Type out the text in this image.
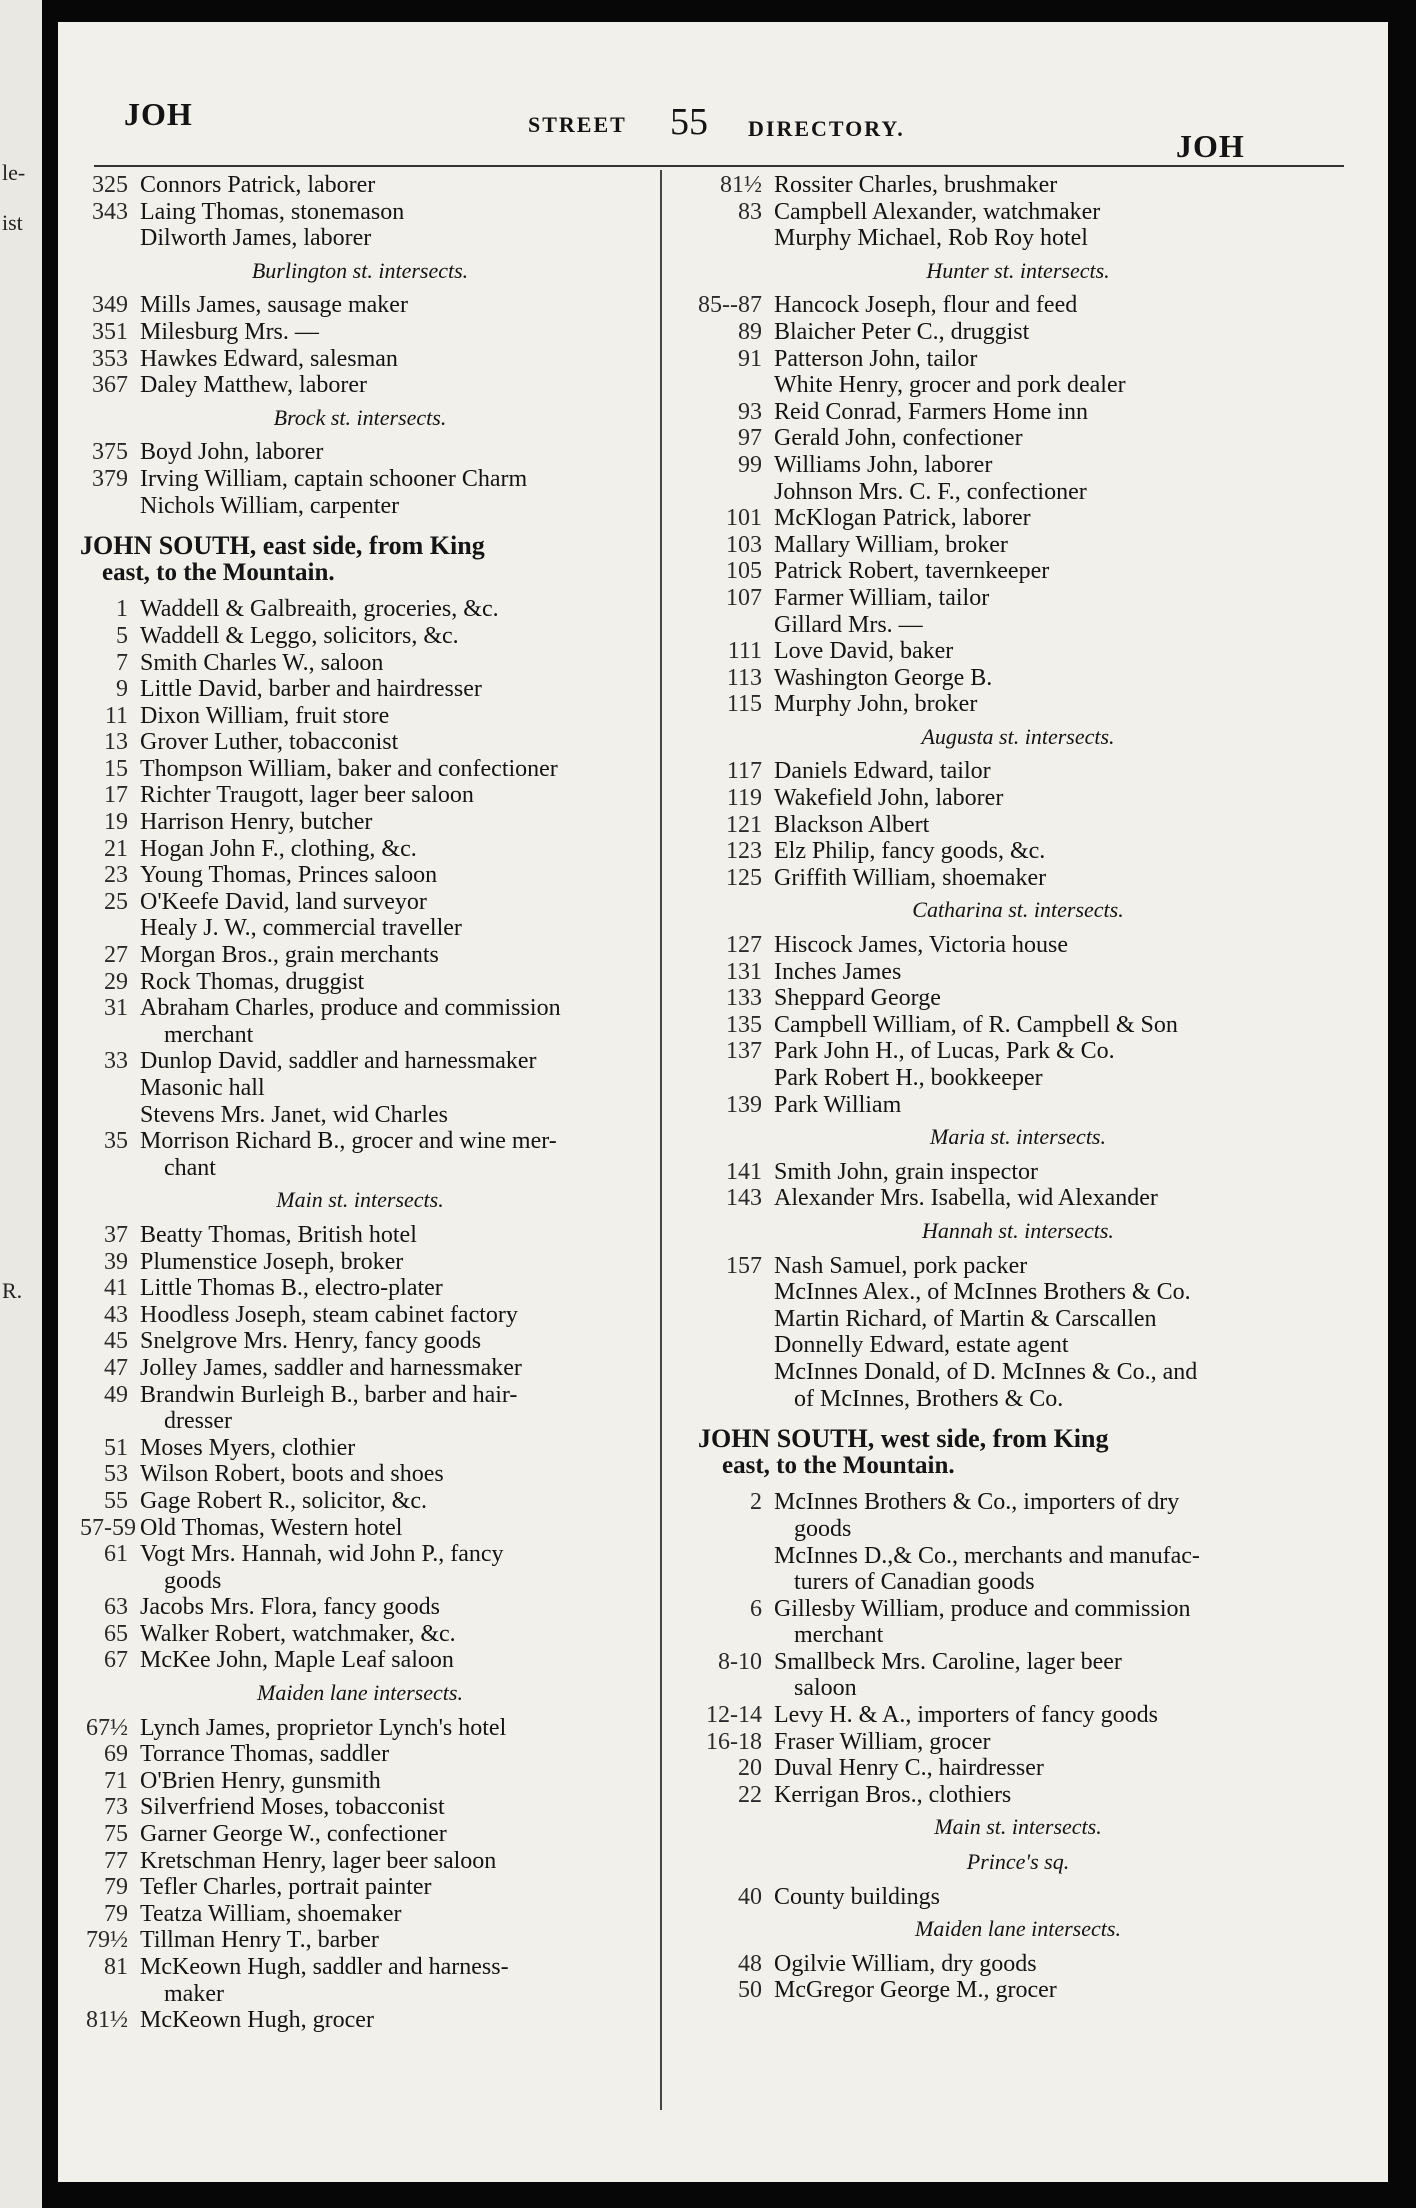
le-
ist
R.
JOH	STREET 55 DIRECTORY.	JOH
325 Connors Patrick, laborer
343 Laing Thomas, stonemason
Dilworth James, laborer
Burlington st. intersects.
349 Mills James, sausage maker
351 Milesburg Mrs. —
353 Hawkes Edward, salesman
367 Daley Matthew, laborer
Brock st. intersects.
375 Boyd John, laborer
379 Irving William, captain schooner Charm
Nichols William, carpenter
JOHN SOUTH, east side, from King
east, to the Mountain.
1 Waddell & Galbreaith, groceries, &c.
5 Waddell & Leggo, solicitors, &c.
7 Smith Charles W., saloon
9 Little David, barber and hairdresser
11 Dixon William, fruit store
13 Grover Luther, tobacconist
15 Thompson William, baker and confectioner
17 Richter Traugott, lager beer saloon
19 Harrison Henry, butcher
21 Hogan John F., clothing, &c.
23 Young Thomas, Princes saloon
25 O'Keefe David, land surveyor
Healy J. W., commercial traveller
27 Morgan Bros., grain merchants
29 Rock Thomas, druggist
31 Abraham Charles, produce and commission
merchant
33 Dunlop David, saddler and harnessmaker
Masonic hall
Stevens Mrs. Janet, wid Charles
35 Morrison Richard B., grocer and wine mer-
chant
Main st. intersects.
37 Beatty Thomas, British hotel
39 Plumenstice Joseph, broker
41 Little Thomas B., electro-plater
43 Hoodless Joseph, steam cabinet factory
45 Snelgrove Mrs. Henry, fancy goods
47 Jolley James, saddler and harnessmaker
49 Brandwin Burleigh B., barber and hair-
dresser
51 Moses Myers, clothier
53 Wilson Robert, boots and shoes
55 Gage Robert R., solicitor, &c.
57-59 Old Thomas, Western hotel
61 Vogt Mrs. Hannah, wid John P., fancy
goods
63 Jacobs Mrs. Flora, fancy goods
65 Walker Robert, watchmaker, &c.
67 McKee John, Maple Leaf saloon
Maiden lane intersects.
67½ Lynch James, proprietor Lynch's hotel
69 Torrance Thomas, saddler
71 O'Brien Henry, gunsmith
73 Silverfriend Moses, tobacconist
75 Garner George W., confectioner
77 Kretschman Henry, lager beer saloon
79 Tefler Charles, portrait painter
79 Teatza William, shoemaker
79½ Tillman Henry T., barber
81 McKeown Hugh, saddler and harness-
maker
81½ McKeown Hugh, grocer
81½ Rossiter Charles, brushmaker
83 Campbell Alexander, watchmaker
Murphy Michael, Rob Roy hotel
Hunter st. intersects.
85--87 Hancock Joseph, flour and feed
89 Blaicher Peter C., druggist
91 Patterson John, tailor
White Henry, grocer and pork dealer
93 Reid Conrad, Farmers Home inn
97 Gerald John, confectioner
99 Williams John, laborer
Johnson Mrs. C. F., confectioner
101 McKlogan Patrick, laborer
103 Mallary William, broker
105 Patrick Robert, tavernkeeper
107 Farmer William, tailor
Gillard Mrs. —
111 Love David, baker
113 Washington George B.
115 Murphy John, broker
Augusta st. intersects.
117 Daniels Edward, tailor
119 Wakefield John, laborer
121 Blackson Albert
123 Elz Philip, fancy goods, &c.
125 Griffith William, shoemaker
Catharina st. intersects.
127 Hiscock James, Victoria house
131 Inches James
133 Sheppard George
135 Campbell William, of R. Campbell & Son
137 Park John H., of Lucas, Park & Co.
Park Robert H., bookkeeper
139 Park William
Maria st. intersects.
141 Smith John, grain inspector
143 Alexander Mrs. Isabella, wid Alexander
Hannah st. intersects.
157 Nash Samuel, pork packer
McInnes Alex., of McInnes Brothers & Co.
Martin Richard, of Martin & Carscallen
Donnelly Edward, estate agent
McInnes Donald, of D. McInnes & Co., and
of McInnes, Brothers & Co.
JOHN SOUTH, west side, from King
east, to the Mountain.
2 McInnes Brothers & Co., importers of dry
goods
McInnes D.,& Co., merchants and manufac-
turers of Canadian goods
6 Gillesby William, produce and commission
merchant
8-10 Smallbeck Mrs. Caroline, lager beer
saloon
12-14 Levy H. & A., importers of fancy goods
16-18 Fraser William, grocer
20 Duval Henry C., hairdresser
22 Kerrigan Bros., clothiers
Main st. intersects.
Prince's sq.
40 County buildings
Maiden lane intersects.
48 Ogilvie William, dry goods
50 McGregor George M., grocer
